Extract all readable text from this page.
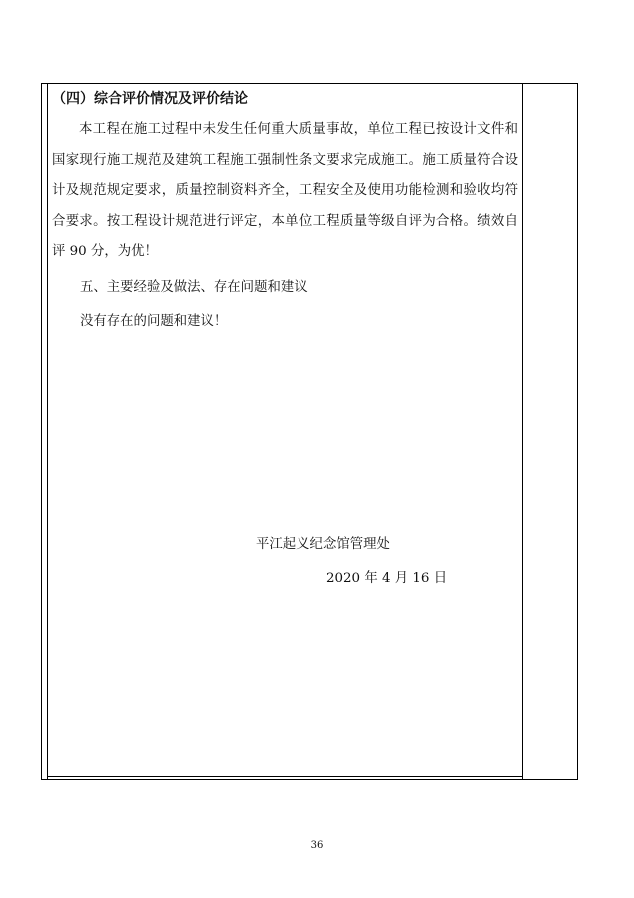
（四）综合评价情况及评价结论
本工程在施工过程中未发生任何重大质量事故，单位工程已按设计文件和国家现行施工规范及建筑工程施工强制性条文要求完成施工。施工质量符合设计及规范规定要求，质量控制资料齐全，工程安全及使用功能检测和验收均符合要求。按工程设计规范进行评定，本单位工程质量等级自评为合格。绩效自评 90 分，为优！
五、主要经验及做法、存在问题和建议
没有存在的问题和建议！
平江起义纪念馆管理处
2020 年 4 月 16 日
36
